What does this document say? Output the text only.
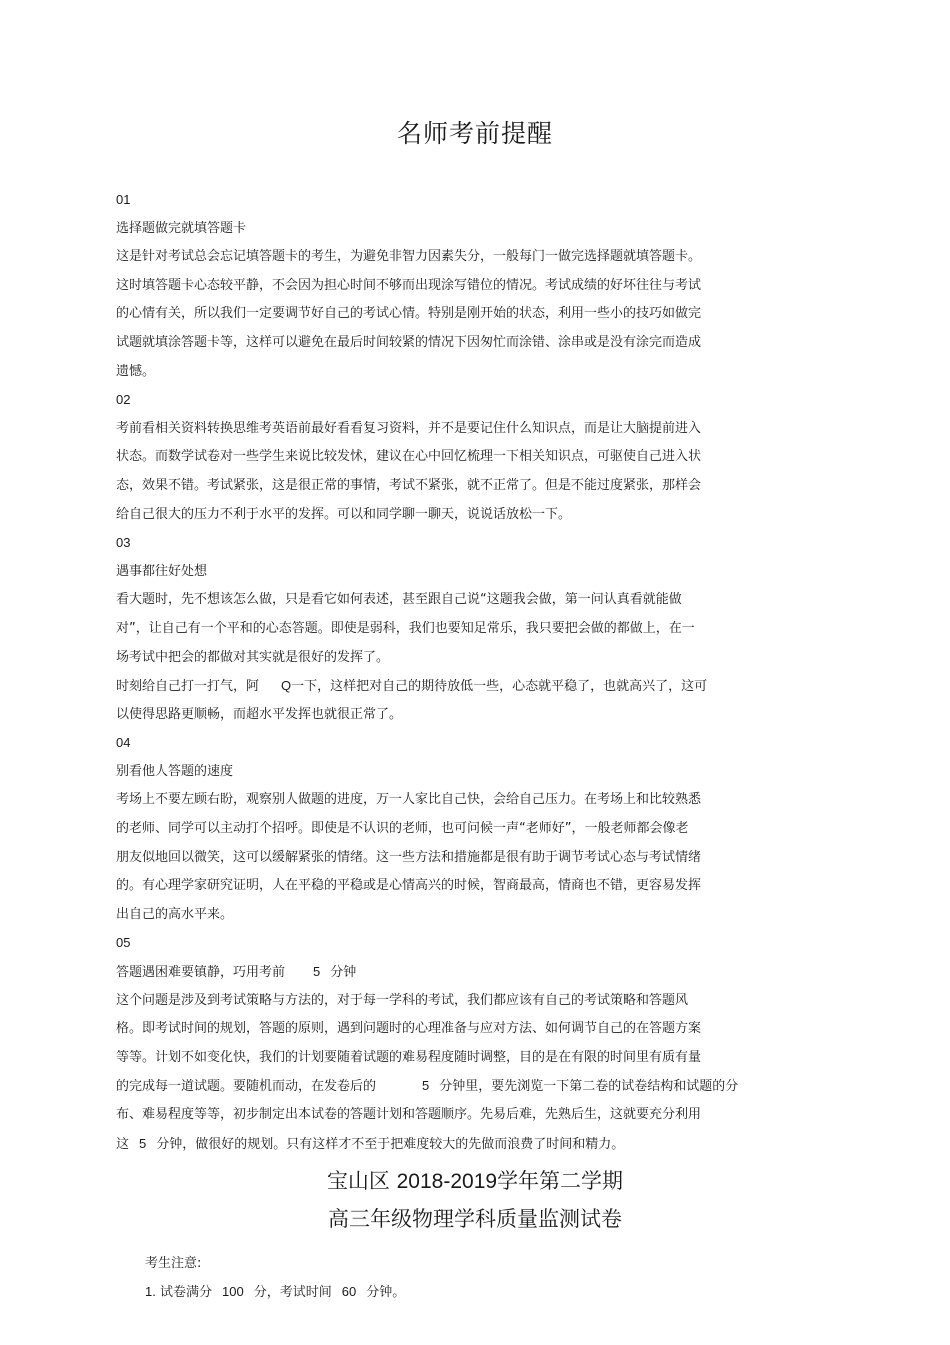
名师考前提醒
01
选择题做完就填答题卡
这是针对考试总会忘记填答题卡的考生，为避免非智力因素失分，一般每门一做完选择题就填答题卡。
这时填答题卡心态较平静，不会因为担心时间不够而出现涂写错位的情况。考试成绩的好坏往往与考试
的心情有关，所以我们一定要调节好自己的考试心情。特别是刚开始的状态，利用一些小的技巧如做完
试题就填涂答题卡等，这样可以避免在最后时间较紧的情况下因匆忙而涂错、涂串或是没有涂完而造成
遗憾。
02
考前看相关资料转换思维考英语前最好看看复习资料，并不是要记住什么知识点，而是让大脑提前进入
状态。而数学试卷对一些学生来说比较发怵，建议在心中回忆梳理一下相关知识点，可驱使自己进入状
态，效果不错。考试紧张，这是很正常的事情，考试不紧张，就不正常了。但是不能过度紧张，那样会
给自己很大的压力不利于水平的发挥。可以和同学聊一聊天，说说话放松一下。
03
遇事都往好处想
看大题时，先不想该怎么做，只是看它如何表述，甚至跟自己说“这题我会做，第一问认真看就能做
对”，让自己有一个平和的心态答题。即使是弱科，我们也要知足常乐，我只要把会做的都做上，在一
场考试中把会的都做对其实就是很好的发挥了。
时刻给自己打一打气，阿 Q一下，这样把对自己的期待放低一些，心态就平稳了，也就高兴了，这可
以使得思路更顺畅，而超水平发挥也就很正常了。
04
别看他人答题的速度
考场上不要左顾右盼，观察别人做题的进度，万一人家比自己快，会给自己压力。在考场上和比较熟悉
的老师、同学可以主动打个招呼。即使是不认识的老师，也可问候一声“老师好”，一般老师都会像老
朋友似地回以微笑，这可以缓解紧张的情绪。这一些方法和措施都是很有助于调节考试心态与考试情绪
的。有心理学家研究证明，人在平稳的平稳或是心情高兴的时候，智商最高，情商也不错，更容易发挥
出自己的高水平来。
05
答题遇困难要镇静，巧用考前 5 分钟
这个问题是涉及到考试策略与方法的，对于每一学科的考试，我们都应该有自己的考试策略和答题风
格。即考试时间的规划，答题的原则，遇到问题时的心理准备与应对方法、如何调节自己的在答题方案
等等。计划不如变化快，我们的计划要随着试题的难易程度随时调整，目的是在有限的时间里有质有量
的完成每一道试题。要随机而动，在发卷后的	5 分钟里，要先浏览一下第二卷的试卷结构和试题的分
布、难易程度等等，初步制定出本试卷的答题计划和答题顺序。先易后难，先熟后生，这就要充分利用
这 5 分钟，做很好的规划。只有这样才不至于把难度较大的先做而浪费了时间和精力。
宝山区 2018-2019学年第二学期
高三年级物理学科质量监测试卷
考生注意:
1. 试卷满分 100 分，考试时间 60 分钟。
